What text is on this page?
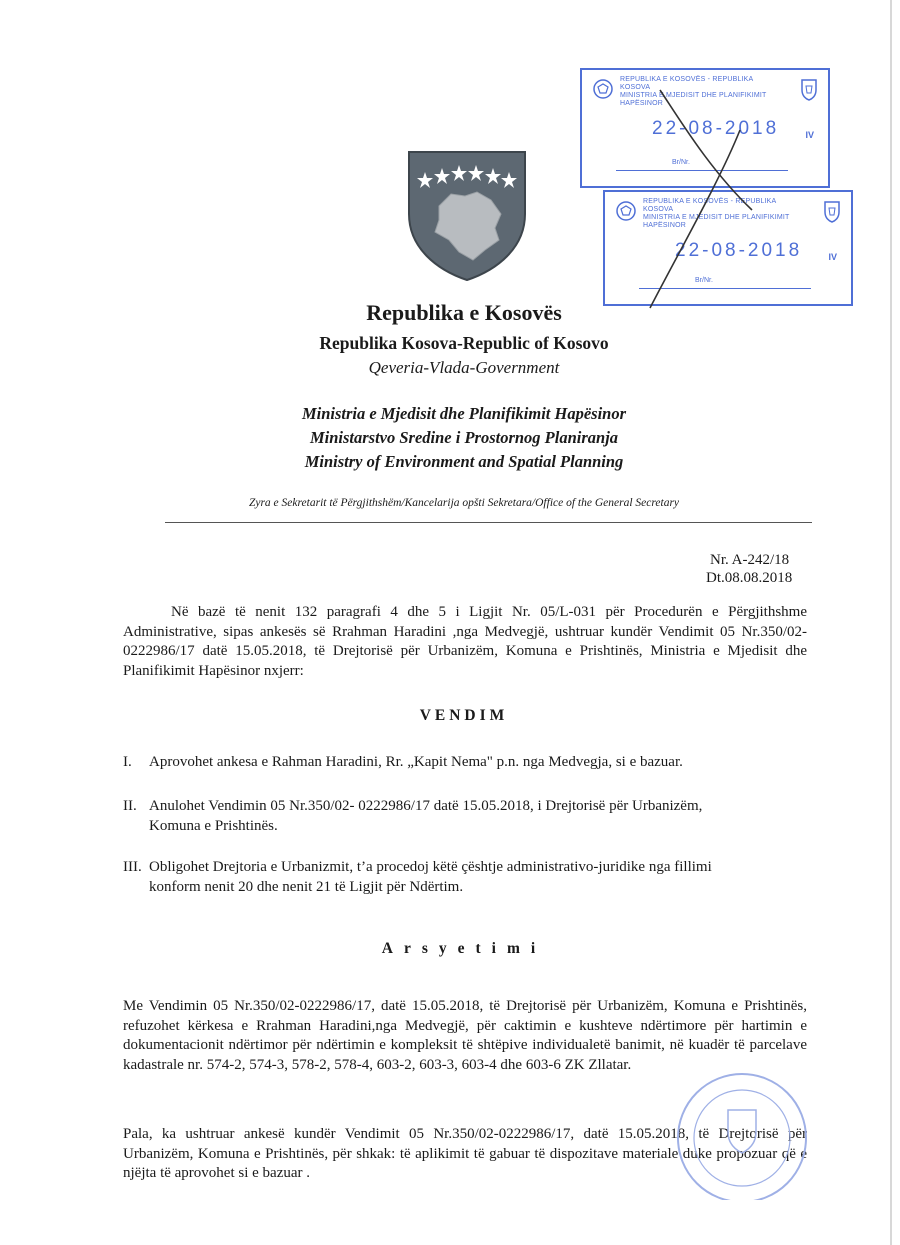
REPUBLIKA E KOSOVËS - REPUBLIKA KOSOVA
MINISTRIA E MJEDISIT DHE PLANIFIKIMIT HAPËSINOR
22-08-2018	IV
Br/Nr.
REPUBLIKA E KOSOVËS - REPUBLIKA KOSOVA
MINISTRIA E MJEDISIT DHE PLANIFIKIMIT HAPËSINOR
22-08-2018	IV
Br/Nr.
Republika e Kosovës
Republika Kosova-Republic of Kosovo
Qeveria-Vlada-Government
Ministria e Mjedisit dhe Planifikimit Hapësinor
Ministarstvo Sredine i Prostornog Planiranja
Ministry of Environment and Spatial Planning
Zyra e Sekretarit të Përgjithshëm/Kancelarija opšti Sekretara/Office of the General Secretary
Nr. A-242/18
Dt.08.08.2018
Në bazë të nenit 132 paragrafi 4 dhe 5 i Ligjit Nr. 05/L-031 për Procedurën e Përgjithshme Administrative, sipas ankesës së Rrahman Haradini ,nga Medvegjë, ushtruar kundër Vendimit 05 Nr.350/02-0222986/17 datë 15.05.2018, të Drejtorisë për Urbanizëm, Komuna e Prishtinës, Ministria e Mjedisit dhe Planifikimit Hapësinor nxjerr:
VENDIM
I. Aprovohet ankesa e Rahman Haradini, Rr. „Kapit Nema" p.n. nga Medvegja, si e bazuar.
II. Anulohet Vendimin 05 Nr.350/02- 0222986/17 datë 15.05.2018, i Drejtorisë për Urbanizëm,
Komuna e Prishtinës.
III. Obligohet Drejtoria e Urbanizmit, t’a procedoj këtë çështje administrativo-juridike nga fillimi
konform nenit 20 dhe nenit 21 të Ligjit për Ndërtim.
Arsyetimi
Me Vendimin 05 Nr.350/02-0222986/17, datë 15.05.2018, të Drejtorisë për Urbanizëm, Komuna e Prishtinës, refuzohet kërkesa e Rrahman Haradini,nga Medvegjë, për caktimin e kushteve ndërtimore për hartimin e dokumentacionit ndërtimor për ndërtimin e kompleksit të shtëpive individualetë banimit, në kuadër të parcelave kadastrale nr. 574-2, 574-3, 578-2, 578-4, 603-2, 603-3, 603-4 dhe 603-6 ZK Zllatar.
Pala, ka ushtruar ankesë kundër Vendimit 05 Nr.350/02-0222986/17, datë 15.05.2018, të Drejtorisë për Urbanizëm, Komuna e Prishtinës, për shkak: të aplikimit të gabuar të dispozitave materiale duke propozuar që e njëjta të aprovohet si e bazuar .
